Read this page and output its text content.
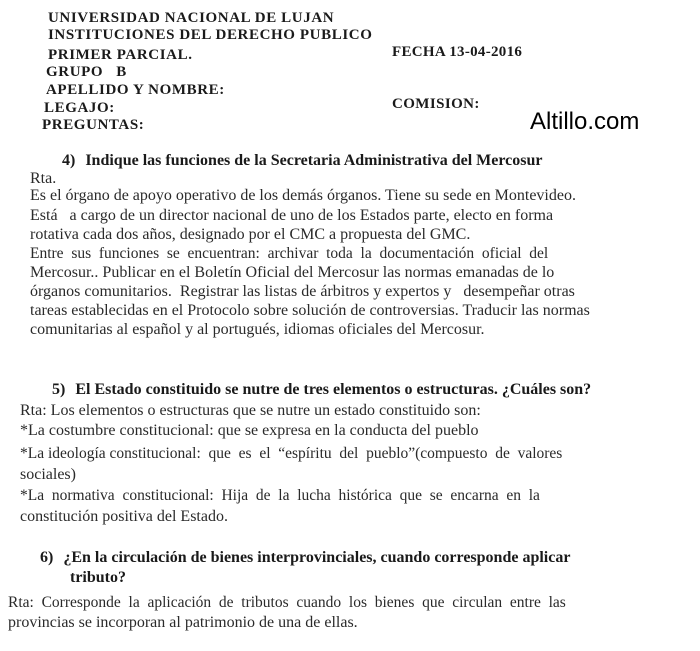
UNIVERSIDAD NACIONAL DE LUJAN
INSTITUCIONES DEL DERECHO PUBLICO
PRIMER PARCIAL.
GRUPO   B
APELLIDO Y NOMBRE:
LEGAJO:
PREGUNTAS:
FECHA 13-04-2016
COMISION:
Altillo.com
4) Indique las funciones de la Secretaria Administrativa del Mercosur
Rta.
Es el órgano de apoyo operativo de los demás órganos. Tiene su sede en Montevideo.
Está   a cargo de un director nacional de uno de los Estados parte, electo en forma
rotativa cada dos años, designado por el CMC a propuesta del GMC.
Entre  sus  funciones  se  encuentran:  archivar  toda  la  documentación  oficial  del
Mercosur.. Publicar en el Boletín Oficial del Mercosur las normas emanadas de lo
órganos comunitarios.  Registrar las listas de árbitros y expertos y   desempeñar otras
tareas establecidas en el Protocolo sobre solución de controversias. Traducir las normas
comunitarias al español y al portugués, idiomas oficiales del Mercosur.
5) El Estado constituido se nutre de tres elementos o estructuras. ¿Cuáles son?
Rta: Los elementos o estructuras que se nutre un estado constituido son:
*La costumbre constitucional: que se expresa en la conducta del pueblo
*La ideología constitucional:  que  es  el  “espíritu  del  pueblo”(compuesto  de  valores
sociales)
*La  normativa  constitucional:  Hija  de  la  lucha  histórica  que  se  encarna  en  la
constitución positiva del Estado.
6) ¿En la circulación de bienes interprovinciales, cuando corresponde aplicar
tributo?
Rta:  Corresponde  la  aplicación  de  tributos  cuando  los  bienes  que  circulan  entre  las
provincias se incorporan al patrimonio de una de ellas.
